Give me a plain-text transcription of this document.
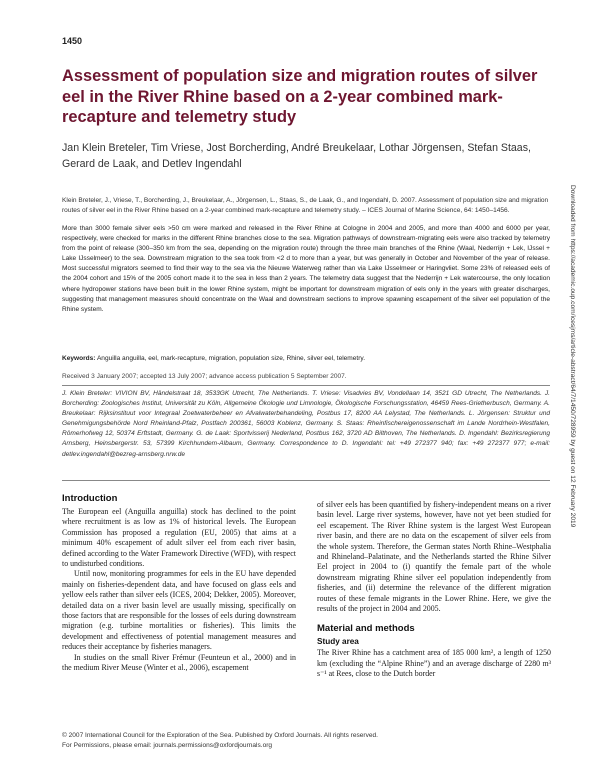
1450
Assessment of population size and migration routes of silver eel in the River Rhine based on a 2-year combined mark-recapture and telemetry study

Jan Klein Breteler, Tim Vriese, Jost Borcherding, André Breukelaar, Lothar Jörgensen, Stefan Staas, Gerard de Laak, and Detlev Ingendahl

Klein Breteler, J., Vriese, T., Borcherding, J., Breukelaar, A., Jörgensen, L., Staas, S., de Laak, G., and Ingendahl, D. 2007. Assessment of population size and migration routes of silver eel in the River Rhine based on a 2-year combined mark-recapture and telemetry study. – ICES Journal of Marine Science, 64: 1450–1456.

More than 3000 female silver eels >50 cm were marked and released in the River Rhine at Cologne in 2004 and 2005, and more than 4000 and 6000 per year, respectively, were checked for marks in the different Rhine branches close to the sea. Migration pathways of downstream-migrating eels were also tracked by telemetry from the point of release (300–350 km from the sea, depending on the migration route) through the three main branches of the Rhine (Waal, Nederrijn + Lek, IJssel + Lake IJsselmeer) to the sea. Downstream migration to the sea took from <2 d to more than a year, but was generally in October and November of the year of release. Most successful migrators seemed to find their way to the sea via the Nieuwe Waterweg rather than via Lake IJsselmeer or Haringvliet. Some 23% of released eels of the 2004 cohort and 15% of the 2005 cohort made it to the sea in less than 2 years. The telemetry data suggest that the Nederrijn + Lek watercourse, the only location where hydropower stations have been built in the lower Rhine system, might be important for downstream migration of eels only in the years with greater discharges, suggesting that management measures should concentrate on the Waal and downstream sections to improve spawning escapement of the silver eel population of the Rhine system.

Keywords: Anguilla anguilla, eel, mark-recapture, migration, population size, Rhine, silver eel, telemetry.

Received 3 January 2007; accepted 13 July 2007; advance access publication 5 September 2007.

J. Klein Breteler: VIVION BV, Händelstraat 18, 3533GK Utrecht, The Netherlands. T. Vriese: Visadvies BV, Vondellaan 14, 3521 GD Utrecht, The Netherlands. J. Borcherding: Zoologisches Institut, Universität zu Köln, Allgemeine Ökologie und Limnologie, Ökologische Forschungsstation, 46459 Rees-Grietherbusch, Germany. A. Breukelaar: Rijksinstituut voor Integraal Zoetwaterbeheer en Afvalwaterbehandeling, Postbus 17, 8200 AA Lelystad, The Netherlands. L. Jörgensen: Struktur und Genehmigungsbehörde Nord Rheinland-Pfalz, Postfach 200361, 56003 Koblenz, Germany. S. Staas: Rheinfischereigenossenschaft im Lande Nordrhein-Westfalen, Römerhofweg 12, 50374 Erftstadt, Germany. G. de Laak: Sportvisserij Nederland, Postbus 162, 3720 AD Bilthoven, The Netherlands. D. Ingendahl: Bezirksregierung Arnsberg, Heinsbergerstr. 53, 57399 Kirchhundem-Albaum, Germany. Correspondence to D. Ingendahl: tel: +49 272377 940; fax: +49 272377 977; e-mail: detlev.ingendahl@bezreg-arnsberg.nrw.de

Introduction

The European eel (Anguilla anguilla) stock has declined to the point where recruitment is as low as 1% of historical levels. The European Commission has proposed a regulation (EU, 2005) that aims at a minimum 40% escapement of adult silver eel from each river basin, defined according to the Water Framework Directive (WFD), with respect to undisturbed conditions.

Until now, monitoring programmes for eels in the EU have depended mainly on fisheries-dependent data, and have focused on glass eels and yellow eels rather than silver eels (ICES, 2004; Dekker, 2005). Moreover, detailed data on a river basin level are usually missing, specifically on those factors that are responsible for the losses of eels during downstream migration (e.g. turbine mortalities or fisheries). This limits the development and effectiveness of potential management measures and reduces their acceptance by fisheries managers.

In studies on the small River Frémur (Feunteun et al., 2000) and in the medium River Meuse (Winter et al., 2006), escapement

of silver eels has been quantified by fishery-independent means on a river basin level. Large river systems, however, have not yet been studied for eel escapement. The River Rhine system is the largest West European river basin, and there are no data on the escapement of silver eels from the whole system. Therefore, the German states North Rhine–Westphalia and Rhineland–Palatinate, and the Netherlands started the Rhine Silver Eel project in 2004 to (i) quantify the female part of the whole downstream migrating Rhine silver eel population independently from fisheries, and (ii) determine the relevance of the different migration routes of these female migrants in the Lower Rhine. Here, we give the results of the project in 2004 and 2005.

Material and methods
Study area

The River Rhine has a catchment area of 185 000 km², a length of 1250 km (excluding the “Alpine Rhine”) and an average discharge of 2280 m³ s⁻¹ at Rees, close to the Dutch border

© 2007 International Council for the Exploration of the Sea. Published by Oxford Journals. All rights reserved.
For Permissions, please email: journals.permissions@oxfordjournals.org
Downloaded from https://academic.oup.com/icesjms/article-abstract/64/7/1450/728959 by guest on 12 February 2019
